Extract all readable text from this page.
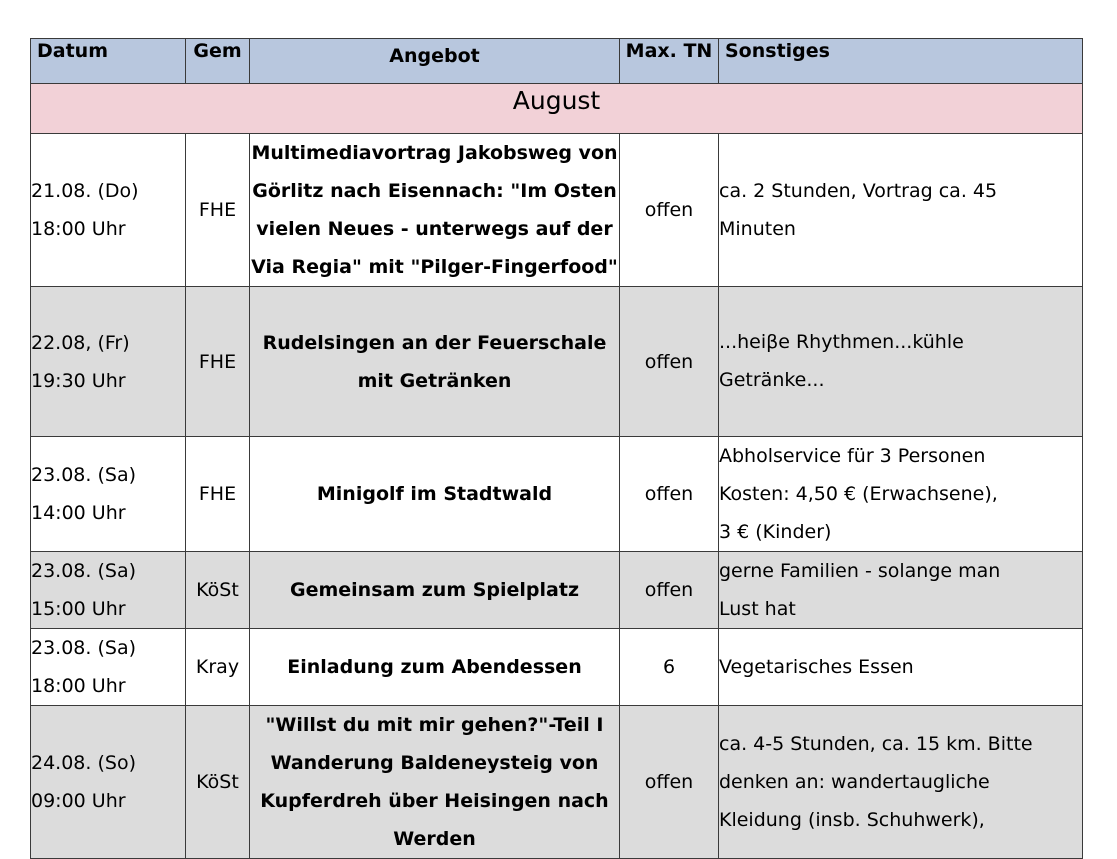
Datum	Gem	Angebot	Max. TN	Sonstiges
August				

21.08. (Do)
18:00 Uhr	FHE	Multimediavortrag Jakobsweg von
Görlitz nach Eisennach: "Im Osten
vielen Neues - unterwegs auf der
Via Regia" mit "Pilger-Fingerfood"	offen	ca. 2 Stunden, Vortrag ca. 45
Minuten

22.08, (Fr)
19:30 Uhr	FHE	Rudelsingen an der Feuerschale
mit Getränken	offen	...heiβe Rhythmen...kühle
Getränke...

23.08. (Sa)
14:00 Uhr	FHE	Minigolf im Stadtwald	offen	Abholservice für 3 Personen
Kosten: 4,50 € (Erwachsene),
3 € (Kinder)

23.08. (Sa)
15:00 Uhr	KöSt	Gemeinsam zum Spielplatz	offen	gerne Familien - solange man
Lust hat

23.08. (Sa)
18:00 Uhr	Kray	Einladung zum Abendessen	6	Vegetarisches Essen

24.08. (So)
09:00 Uhr	KöSt	"Willst du mit mir gehen?"-Teil I
Wanderung Baldeneysteig von
Kupferdreh über Heisingen nach
Werden	offen	ca. 4-5 Stunden, ca. 15 km. Bitte
denken an: wandertaugliche
Kleidung (insb. Schuhwerk),
